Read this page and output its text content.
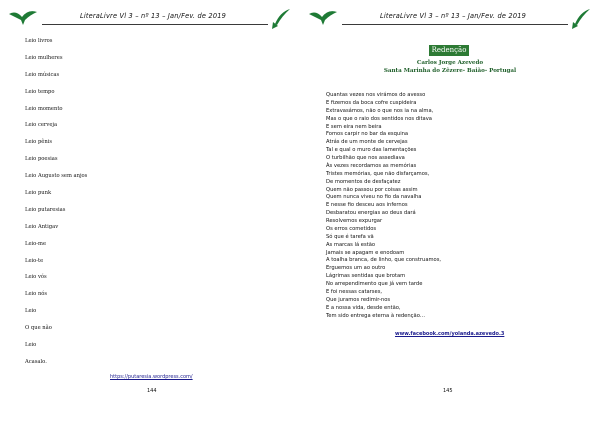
LiteraLivre Vl 3 – nº 13 – Jan/Fev. de 2019
Leio livros
Leio mulheres
Leio músicas
Leio tempo
Leio momento
Leio cerveja
Leio pênis
Leio poesias
Leio Augusto sem anjos
Leio punk
Leio putaresias
Leio Antigav
Leio-me
Leio-te
Leio vós
Leio nós
Leio
O que não
Leio
Acasalo.
https://putaresia.wordpress.com/
144
LiteraLivre Vl 3 – nº 13 – Jan/Fev. de 2019
Redenção
Carlos Jorge Azevedo
Santa Marinha do Zêzere- Baião- Portugal
Quantas vezes nos virámos do avesso
E fizemos da boca cofre cuspideira
Extravasámos, não o que nos ia na alma,
Mas o que o raio dos sentidos nos ditava
E sem eira nem beira
Fomos carpir no bar da esquina
Atrás de um monte de cervejas
Tal e qual o muro das lamentações
O turbilhão que nos assediava
Às vezes recordamos as memórias
Tristes memórias, que não disfarçamos,
De momentos de desfaçatez
Quem não passou por coisas assim
Quem nunca viveu no fio da navalha
E nesse fio desceu aos infernos
Desbaratou energias ao deus dará
Resolvemos expurgar
Os erros cometidos
Só que é tarefa vã
As marcas lá estão
Jamais se apagam e enodoam
A toalha branca, de linho, que construamos,
Erguemos um ao outro
Lágrimas sentidas que brotam
No arrependimento que já vem tarde
E foi nessas catarses,
Que juramos redimir-nos
E a nossa vida, desde então,
Tem sido entrega eterna à redenção…
www.facebook.com/yolanda.azevedo.3
145
